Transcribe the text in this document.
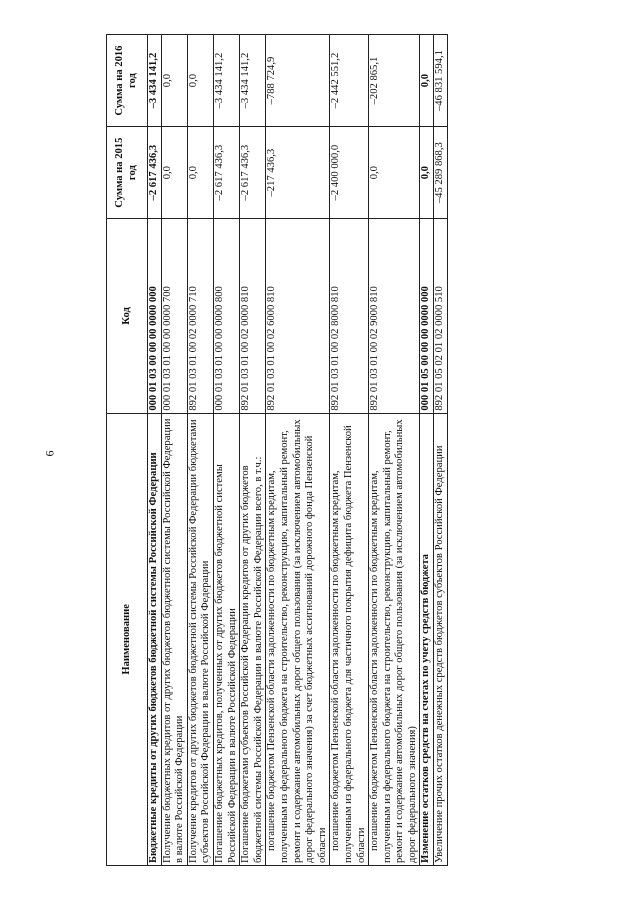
6
Наименование	Код	Сумма на 2015 год	Сумма на 2016 год
Бюджетные кредиты от других бюджетов бюджетной системы Российской Федерации	000 01 03 00 00 00 0000 000	–2 617 436,3	–3 434 141,2
Получение бюджетных кредитов от других бюджетов бюджетной системы Российской Федерации в валюте Российской Федерации	000 01 03 01 00 00 0000 700	0,0	0,0
Получение кредитов от других бюджетов бюджетной системы Российской Федерации бюджетами субъектов Российской Федерации в валюте Российской Федерации	892 01 03 01 00 02 0000 710	0,0	0,0
Погашение бюджетных кредитов, полученных от других бюджетов бюджетной системы Российской Федерации в валюте Российской Федерации	000 01 03 01 00 00 0000 800	–2 617 436,3	–3 434 141,2
Погашение бюджетами субъектов Российской Федерации кредитов от других бюджетов бюджетной системы Российской Федерации в валюте Российской Федерации всего, в т.ч.:	892 01 03 01 00 02 0000 810	–2 617 436,3	–3 434 141,2
погашение бюджетом Пензенской области задолженности по бюджетным кредитам, полученным из федерального бюджета на строительство, реконструкцию, капитальный ремонт, ремонт и содержание автомобильных дорог общего пользования (за исключением автомобильных дорог федерального значения) за счет бюджетных ассигнований дорожного фонда Пензенской области	892 01 03 01 00 02 6000 810	–217 436,3	–788 724,9
погашение бюджетом Пензенской области задолженности по бюджетным кредитам, полученным из федерального бюджета для частичного покрытия дефицита бюджета Пензенской области	892 01 03 01 00 02 8000 810	–2 400 000,0	–2 442 551,2
погашение бюджетом Пензенской области задолженности по бюджетным кредитам, полученным из федерального бюджета на строительство, реконструкцию, капитальный ремонт, ремонт и содержание автомобильных дорог общего пользования (за исключением автомобильных дорог федерального значения)	892 01 03 01 00 02 9000 810	0,0	–202 865,1
Изменение остатков средств на счетах по учету средств бюджета	000 01 05 00 00 00 0000 000	0,0	0,0
Увеличение прочих остатков денежных средств бюджетов субъектов Российской Федерации	892 01 05 02 01 02 0000 510	–45 289 868,3	–46 831 594,1
